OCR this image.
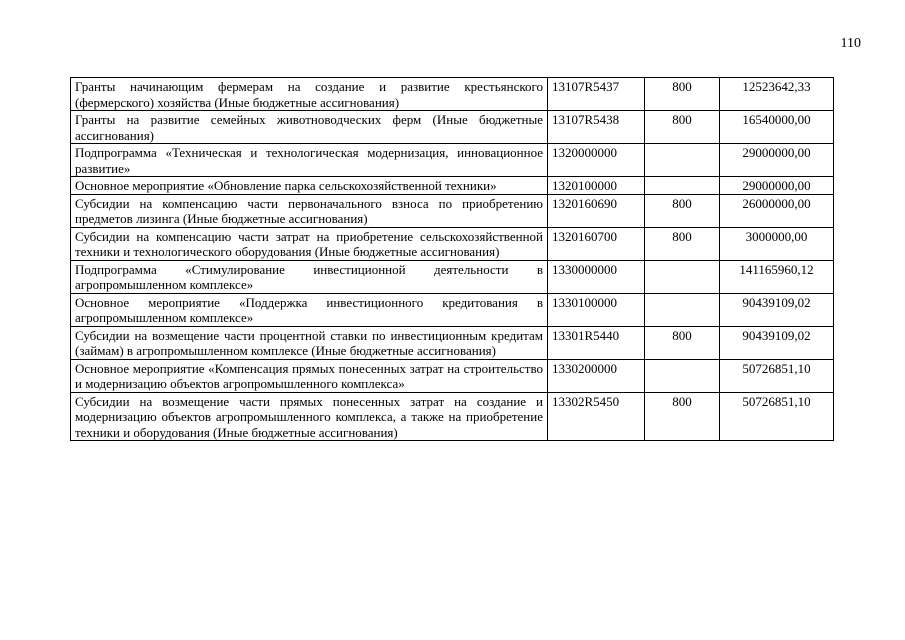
110
Гранты начинающим фермерам на создание и развитие крестьянского (фермерского) хозяйства (Иные бюджетные ассигнования)	13107R5437	800	12523642,33
Гранты на развитие семейных животноводческих ферм (Иные бюджетные ассигнования)	13107R5438	800	16540000,00
Подпрограмма «Техническая и технологическая модернизация, инновационное развитие»	1320000000		29000000,00
Основное мероприятие «Обновление парка сельскохозяйственной техники»	1320100000		29000000,00
Субсидии на компенсацию части первоначального взноса по приобретению предметов лизинга (Иные бюджетные ассигнования)	1320160690	800	26000000,00
Субсидии на компенсацию части затрат на приобретение сельскохозяйственной техники и технологического оборудования (Иные бюджетные ассигнования)	1320160700	800	3000000,00
Подпрограмма «Стимулирование инвестиционной деятельности в агропромышленном комплексе»	1330000000		141165960,12
Основное мероприятие «Поддержка инвестиционного кредитования в агропромышленном комплексе»	1330100000		90439109,02
Субсидии на возмещение части процентной ставки по инвестиционным кредитам (займам) в агропромышленном комплексе (Иные бюджетные ассигнования)	13301R5440	800	90439109,02
Основное мероприятие «Компенсация прямых понесенных затрат на строительство и модернизацию объектов агропромышленного комплекса»	1330200000		50726851,10
Субсидии на возмещение части прямых понесенных затрат на создание и модернизацию объектов агропромышленного комплекса, а также на приобретение техники и оборудования (Иные бюджетные ассигнования)	13302R5450	800	50726851,10
